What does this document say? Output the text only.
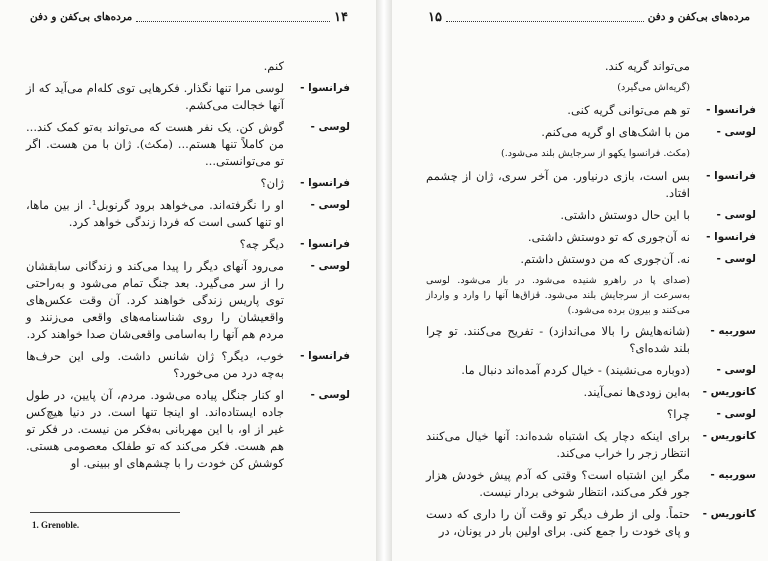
۱۴
مرده‌های بی‌کفن و دفن
کنم.
فرانسوا -
لوسی مرا تنها نگذار. فکرهایی توی کله‌ام می‌آید که از آنها خجالت می‌کشم.
لوسی -
گوش کن. یک نفر هست که می‌تواند به‌تو کمک کند... من کاملاً تنها هستم... (مکث). ژان با من هست. اگر تو می‌توانستی...
فرانسوا -
ژان؟
لوسی -
او را نگرفته‌اند. می‌خواهد برود گرنوبل¹. از بین ما‌ها، او تنها کسی است که فردا زندگی خواهد کرد.
فرانسوا -
دیگر چه؟
لوسی -
می‌رود آنهای دیگر را پیدا می‌کند و زندگانی سابقشان را از سر می‌گیرد. بعد جنگ تمام می‌شود و به‌راحتی توی پاریس زندگی خواهند کرد. آن وقت عکس‌های واقعیشان را روی شناسنامه‌های واقعی می‌زنند و مردم هم آنها را به‌اسامی واقعی‌شان صدا خواهند کرد.
فرانسوا -
خوب، دیگر؟ ژان شانس داشت. ولی این حرف‌ها به‌چه درد من می‌خورد؟
لوسی -
او کنار جنگل پیاده می‌شود. مردم، آن پایین، در طول جاده ایستاده‌اند. او اینجا تنها است. در دنیا هیچ‌کس غیر از او، با این مهربانی به‌فکر من نیست. در فکر تو هم هست. فکر می‌کند که تو طفلک معصومی هستی. کوشش کن خودت را با چشم‌های او ببینی. او
1. Grenoble.
مرده‌های بی‌کفن و دفن
۱۵
می‌تواند گریه کند.
(گریه‌اش می‌گیرد)
فرانسوا -
تو هم می‌توانی گریه کنی.
لوسی -
من با اشک‌های او گریه می‌کنم.
(مکث. فرانسوا یکهو از سرجایش بلند می‌شود.)
فرانسوا -
بس است، بازی درنیاور. من آخر سری، ژان از چشمم افتاد.
لوسی -
با این حال دوستش داشتی.
فرانسوا -
نه آن‌جوری که تو دوستش داشتی.
لوسی -
نه. آن‌جوری که من دوستش داشتم.
(صدای پا در راهرو شنیده می‌شود. در باز می‌شود. لوسی به‌سرعت از سرجایش بلند می‌شود. قزاق‌ها آنها را وارد و وارداز می‌کنند و بیرون برده می‌شود.)
سوربیه -
(شانه‌هایش را بالا می‌اندازد) - تفریح می‌کنند. تو چرا بلند شده‌ای؟
لوسی -
(دوباره می‌نشیند) - خیال کردم آمده‌اند دنبال ما.
کانوریس -
به‌این زودی‌ها نمی‌آیند.
لوسی -
چرا؟
کانوریس -
برای اینکه دچار یک اشتباه شده‌اند: آنها خیال می‌کنند انتظار زجر را خراب می‌کند.
سوربیه -
مگر این اشتباه است؟ وقتی که آدم پیش خودش هزار جور فکر می‌کند، انتظار شوخی بردار نیست.
کانوریس -
حتماً. ولی از طرف دیگر تو وقت آن را داری که دست و پای خودت را جمع کنی. برای اولین بار در یونان، در
